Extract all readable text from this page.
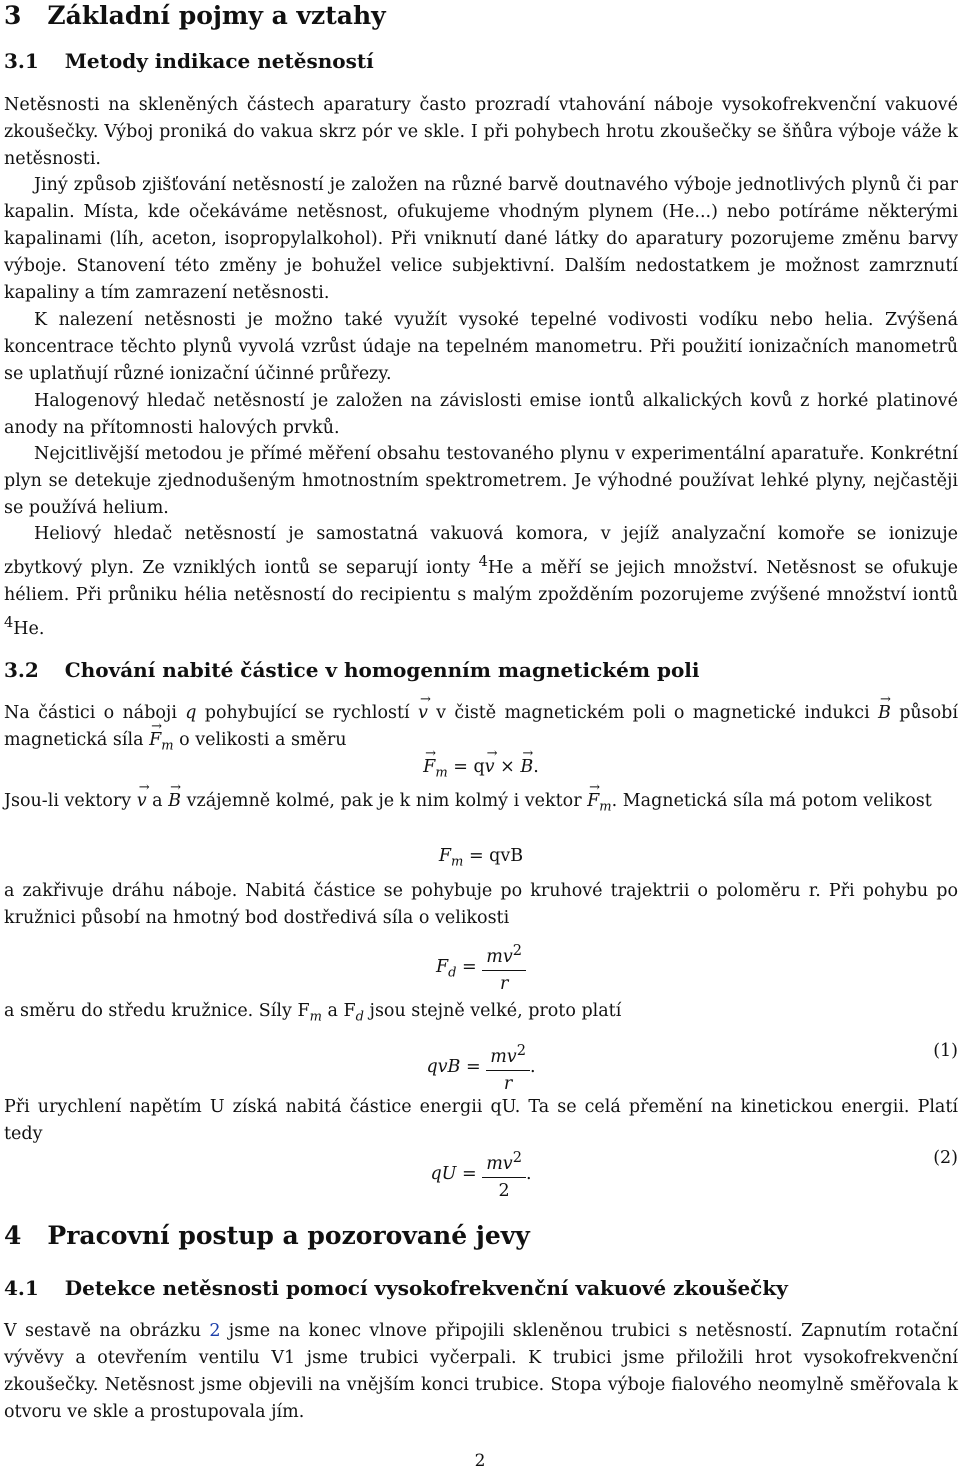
3 Základní pojmy a vztahy
3.1 Metody indikace netěsností

Netěsnosti na skleněných částech aparatury často prozradí vtahování náboje vysokofrekvenční vakuové zkoušečky. Výboj proniká do vakua skrz pór ve skle. I při pohybech hrotu zkoušečky se šňůra výboje váže k netěsnosti.

Jiný způsob zjišťování netěsností je založen na různé barvě doutnavého výboje jednotlivých plynů či par kapalin. Místa, kde očekáváme netěsnost, ofukujeme vhodným plynem (He...) nebo potíráme některými kapalinami (líh, aceton, isopropylalkohol). Při vniknutí dané látky do aparatury pozorujeme změnu barvy výboje. Stanovení této změny je bohužel velice subjektivní. Dalším nedostatkem je možnost zamrznutí kapaliny a tím zamrazení netěsnosti.

K nalezení netěsnosti je možno také využít vysoké tepelné vodivosti vodíku nebo helia. Zvýšená koncentrace těchto plynů vyvolá vzrůst údaje na tepelném manometru. Při použití ionizačních manometrů se uplatňují různé ionizační účinné průřezy.

Halogenový hledač netěsností je založen na závislosti emise iontů alkalických kovů z horké platinové anody na přítomnosti halových prvků.

Nejcitlivější metodou je přímé měření obsahu testovaného plynu v experimentální aparatuře. Konkrétní plyn se detekuje zjednodušeným hmotnostním spektrometrem. Je výhodné používat lehké plyny, nejčastěji se používá helium.

Heliový hledač netěsností je samostatná vakuová komora, v jejíž analyzační komoře se ionizuje zbytkový plyn. Ze vzniklých iontů se separují ionty $^4$He a měří se jejich množství. Netěsnost se ofukuje héliem. Při průniku hélia netěsností do recipientu s malým zpožděním pozorujeme zvýšené množství iontů $^4$He.

3.2 Chování nabité částice v homogenním magnetickém poli

Na částici o náboji q pohybující se rychlostí → v v čistě magnetickém poli o magnetické indukci → B působí magnetická síla → $F_m$ o velikosti a směru

→ $F_m = q\to v$ × → B.

Jsou-li vektory → v a → B vzájemně kolmé, pak je k nim kolmý i vektor → $F_m$. Magnetická síla má potom velikost

$F_m$ = qvB

a zakřivuje dráhu náboje. Nabitá částice se pohybuje po kruhové trajektrii o poloměru r. Při pohybu po kružnici působí na hmotný bod dostředivá síla o velikosti

$F_d = \frac{mv^2}{r}$

a směru do středu kružnice. Síly $F_m$ a $F_d$ jsou stejně velké, proto platí

qvB = $\frac{mv^2}{r}$ .
(1)

Při urychlení napětím U získá nabitá částice energii qU. Ta se celá přemění na kinetickou energii. Platí tedy

qU = $\frac{mv^2}{2}$ .
(2)
4 Pracovní postup a pozorované jevy
4.1 Detekce netěsnosti pomocí vysokofrekvenční vakuové zkoušečky

V sestavě na obrázku 2 jsme na konec vlnove připojili skleněnou trubici s netěsností. Zapnutím rotační vývěvy a otevřením ventilu V1 jsme trubici vyčerpali. K trubici jsme přiložili hrot vysokofrekvenční zkoušečky. Netěsnost jsme objevili na vnějším konci trubice. Stopa výboje fialového neomylně směřovala k otvoru ve skle a prostupovala jím.

2
